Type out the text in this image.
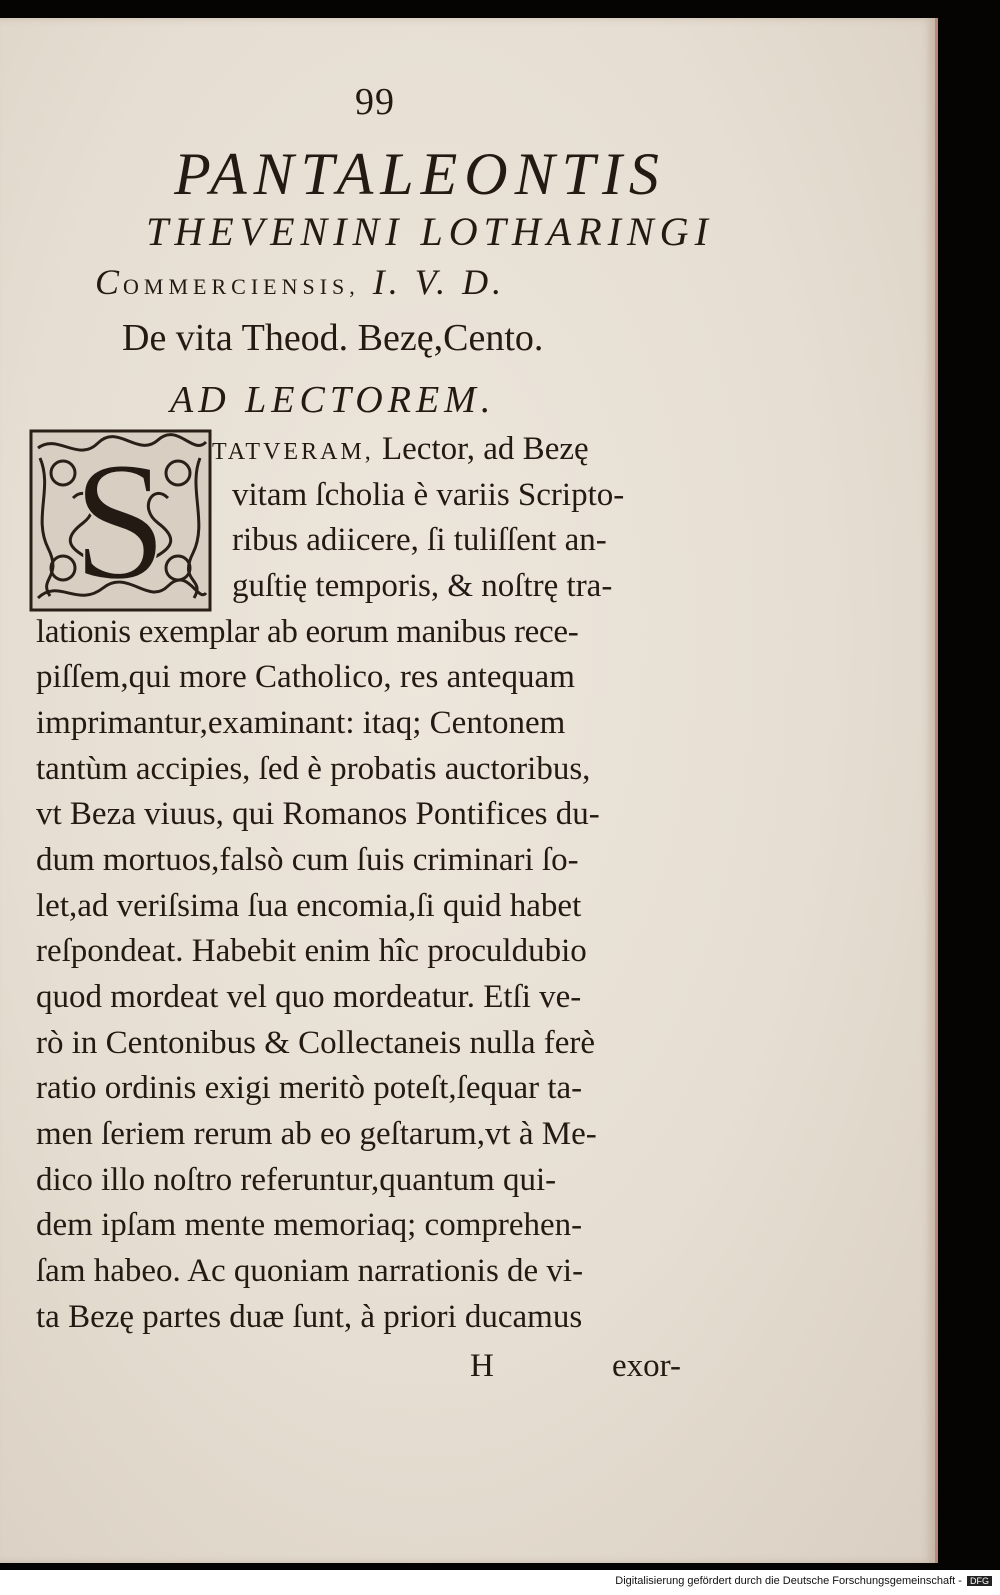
99
PANTALEONTIS
THEVENINI LOTHARINGI
COMMERCIENSIS, I. V. D.
De vita Theod. Bezę,Cento.
AD LECTOREM.
S TATVERAM, Lector, ad Bezę
vitam ſcholia è variis Scripto-
ribus adiicere, ſi tuliſſent an-
guſtię temporis, & noſtrę tra-
lationis exemplar ab eorum manibus rece-
piſſem,qui more Catholico, res antequam
imprimantur,examinant: itaq; Centonem
tantùm accipies, ſed è probatis auctoribus,
vt Beza viuus, qui Romanos Pontifices du-
dum mortuos,falsò cum ſuis criminari ſo-
let,ad veriſsima ſua encomia,ſi quid habet
reſpondeat. Habebit enim hîc proculdubio
quod mordeat vel quo mordeatur. Etſi ve-
rò in Centonibus & Collectaneis nulla ferè
ratio ordinis exigi meritò poteſt,ſequar ta-
men ſeriem rerum ab eo geſtarum,vt à Me-
dico illo noſtro referuntur,quantum qui-
dem ipſam mente memoriaq; comprehen-
ſam habeo. Ac quoniam narrationis de vi-
ta Bezę partes duæ ſunt, à priori ducamus
H	exor-
Digitalisierung gefördert durch die Deutsche Forschungsgemeinschaft - DFG
